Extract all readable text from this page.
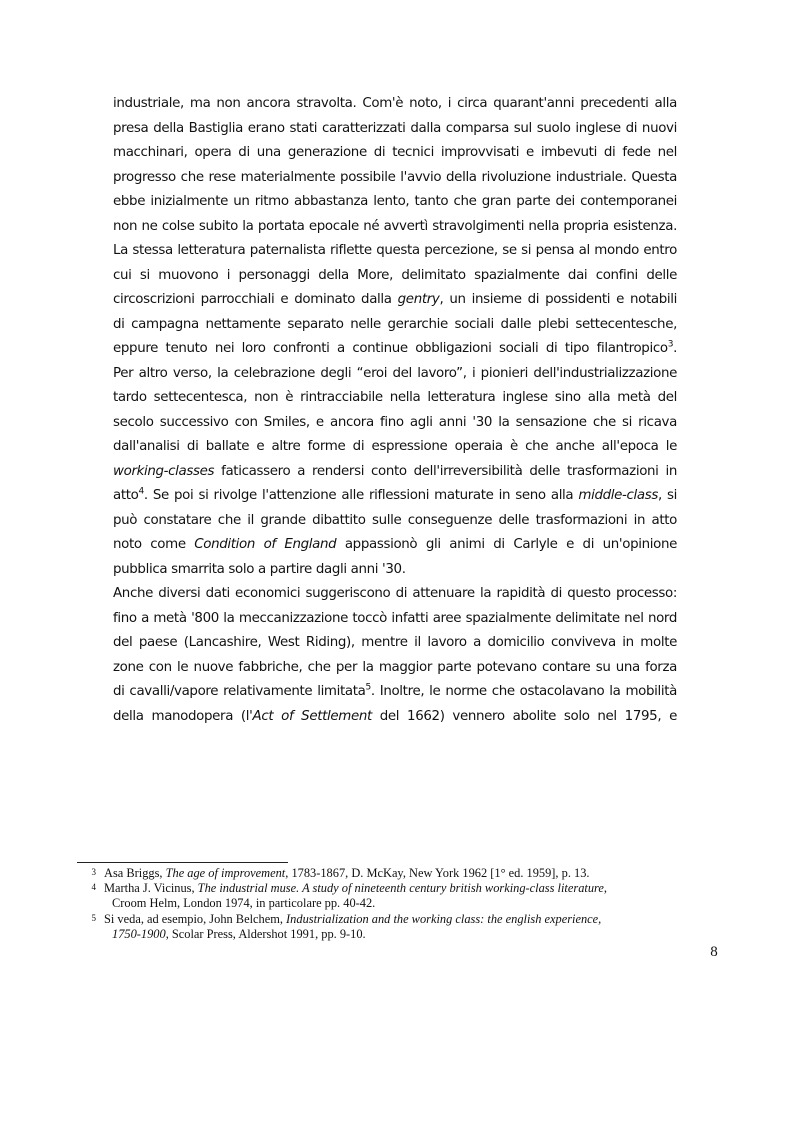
industriale, ma non ancora stravolta. Com'è noto, i circa quarant'anni precedenti alla
presa della Bastiglia erano stati caratterizzati dalla comparsa sul suolo inglese di nuovi
macchinari, opera di una generazione di tecnici improvvisati e imbevuti di fede nel
progresso che rese materialmente possibile l'avvio della rivoluzione industriale. Questa
ebbe inizialmente un ritmo abbastanza lento, tanto che gran parte dei contemporanei
non ne colse subito la portata epocale né avvertì stravolgimenti nella propria esistenza.
La stessa letteratura paternalista riflette questa percezione, se si pensa al mondo entro
cui si muovono i personaggi della More, delimitato spazialmente dai confini delle
circoscrizioni parrocchiali e dominato dalla gentry, un insieme di possidenti e notabili
di campagna nettamente separato nelle gerarchie sociali dalle plebi settecentesche,
eppure tenuto nei loro confronti a continue obbligazioni sociali di tipo filantropico$^3$.
Per altro verso, la celebrazione degli “eroi del lavoro”, i pionieri dell'industrializzazione
tardo settecentesca, non è rintracciabile nella letteratura inglese sino alla metà del
secolo successivo con Smiles, e ancora fino agli anni '30 la sensazione che si ricava
dall'analisi di ballate e altre forme di espressione operaia è che anche all'epoca le
working-classes faticassero a rendersi conto dell'irreversibilità delle trasformazioni in
atto$^4$. Se poi si rivolge l'attenzione alle riflessioni maturate in seno alla middle-class, si
può constatare che il grande dibattito sulle conseguenze delle trasformazioni in atto
noto come Condition of England appassionò gli animi di Carlyle e di un'opinione
pubblica smarrita solo a partire dagli anni '30.
Anche diversi dati economici suggeriscono di attenuare la rapidità di questo processo:
fino a metà '800 la meccanizzazione toccò infatti aree spazialmente delimitate nel nord
del paese (Lancashire, West Riding), mentre il lavoro a domicilio conviveva in molte
zone con le nuove fabbriche, che per la maggior parte potevano contare su una forza
di cavalli/vapore relativamente limitata$^5$. Inoltre, le norme che ostacolavano la mobilità
della manodopera (l'Act of Settlement del 1662) vennero abolite solo nel 1795, e
3 Asa Briggs, The age of improvement, 1783-1867, D. McKay, New York 1962 [1° ed. 1959], p. 13.
4 Martha J. Vicinus, The industrial muse. A study of nineteenth century british working-class literature,
Croom Helm, London 1974, in particolare pp. 40-42.
5 Si veda, ad esempio, John Belchem, Industrialization and the working class: the english experience,
1750-1900, Scolar Press, Aldershot 1991, pp. 9-10.
8
